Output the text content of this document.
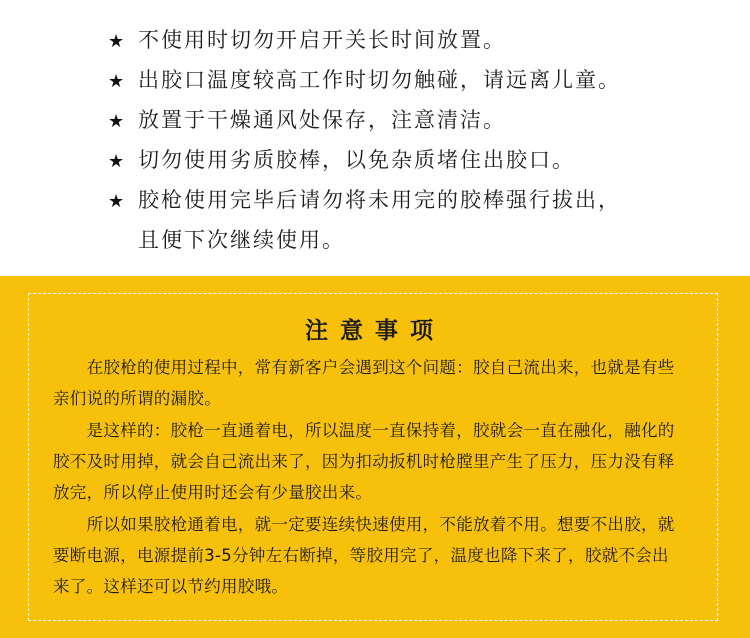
★ 不使用时切勿开启开关长时间放置。
★ 出胶口温度较高工作时切勿触碰，请远离儿童。
★ 放置于干燥通风处保存，注意清洁。
★ 切勿使用劣质胶棒，以免杂质堵住出胶口。
★ 胶枪使用完毕后请勿将未用完的胶棒强行拔出，
且便下次继续使用。
注意事项
　　在胶枪的使用过程中，常有新客户会遇到这个问题：胶自己流出来，也就是有些
亲们说的所谓的漏胶。
　　是这样的：胶枪一直通着电，所以温度一直保持着，胶就会一直在融化，融化的
胶不及时用掉，就会自己流出来了，因为扣动扳机时枪膛里产生了压力，压力没有释
放完，所以停止使用时还会有少量胶出来。
　　所以如果胶枪通着电，就一定要连续快速使用，不能放着不用。想要不出胶，就
要断电源，电源提前3-5分钟左右断掉，等胶用完了，温度也降下来了，胶就不会出
来了。这样还可以节约用胶哦。
